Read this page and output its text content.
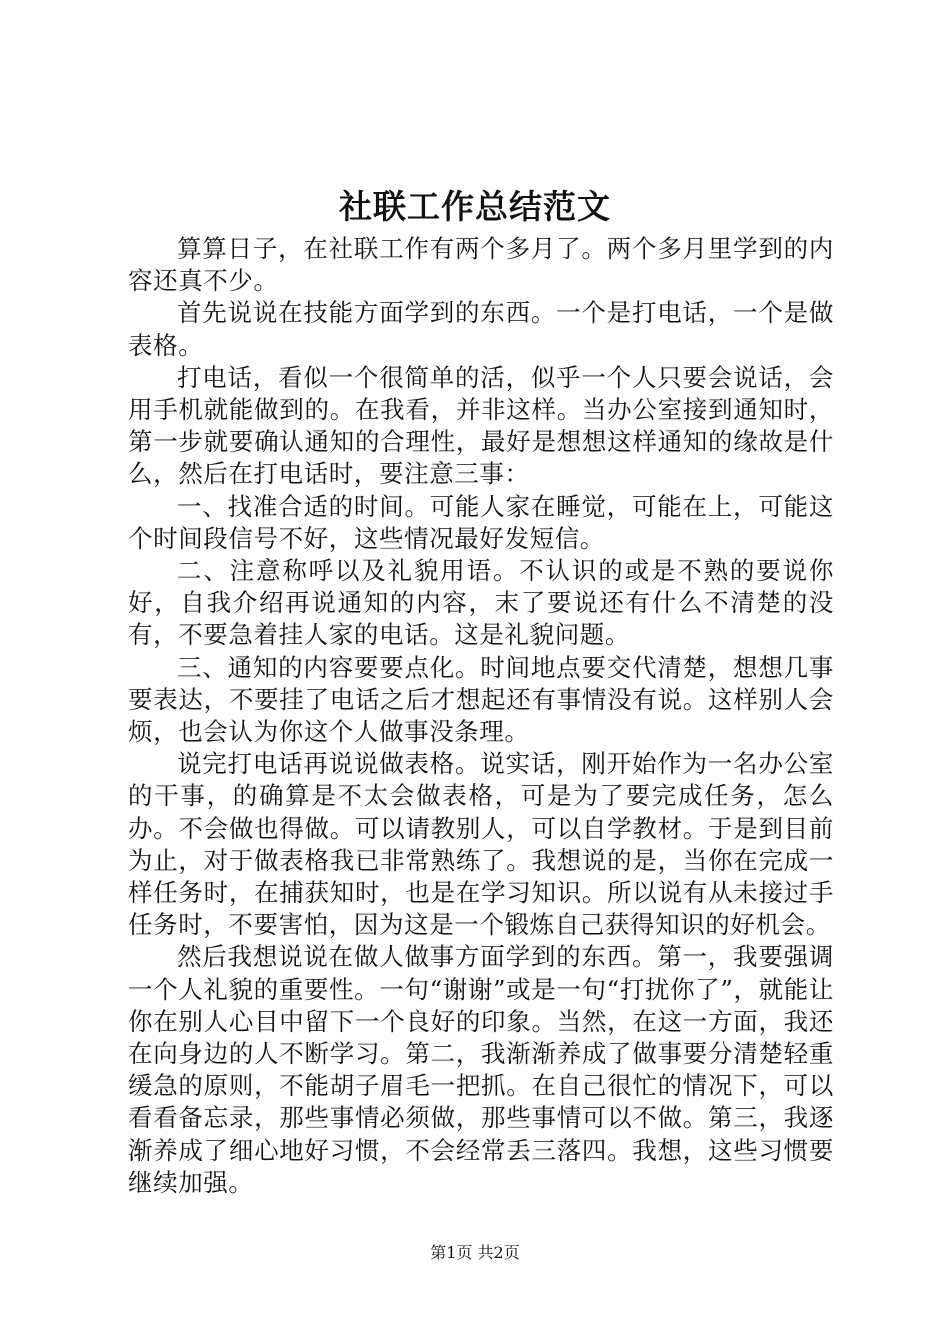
社联工作总结范文

算算日子，在社联工作有两个多月了。两个多月里学到的内容还真不少。

首先说说在技能方面学到的东西。一个是打电话，一个是做表格。

打电话，看似一个很简单的活，似乎一个人只要会说话，会用手机就能做到的。在我看，并非这样。当办公室接到通知时，第一步就要确认通知的合理性，最好是想想这样通知的缘故是什么，然后在打电话时，要注意三事：

一、找准合适的时间。可能人家在睡觉，可能在上，可能这个时间段信号不好，这些情况最好发短信。

二、注意称呼以及礼貌用语。不认识的或是不熟的要说你好，自我介绍再说通知的内容，末了要说还有什么不清楚的没有，不要急着挂人家的电话。这是礼貌问题。

三、通知的内容要要点化。时间地点要交代清楚，想想几事要表达，不要挂了电话之后才想起还有事情没有说。这样别人会烦，也会认为你这个人做事没条理。

说完打电话再说说做表格。说实话，刚开始作为一名办公室的干事，的确算是不太会做表格，可是为了要完成任务，怎么办。不会做也得做。可以请教别人，可以自学教材。于是到目前为止，对于做表格我已非常熟练了。我想说的是，当你在完成一样任务时，在捕获知时，也是在学习知识。所以说有从未接过手任务时，不要害怕，因为这是一个锻炼自己获得知识的好机会。

然后我想说说在做人做事方面学到的东西。第一，我要强调一个人礼貌的重要性。一句“谢谢”或是一句“打扰你了”，就能让你在别人心目中留下一个良好的印象。当然，在这一方面，我还在向身边的人不断学习。第二，我渐渐养成了做事要分清楚轻重缓急的原则，不能胡子眉毛一把抓。在自己很忙的情况下，可以看看备忘录，那些事情必须做，那些事情可以不做。第三，我逐渐养成了细心地好习惯，不会经常丢三落四。我想，这些习惯要继续加强。

第1页 共2页
